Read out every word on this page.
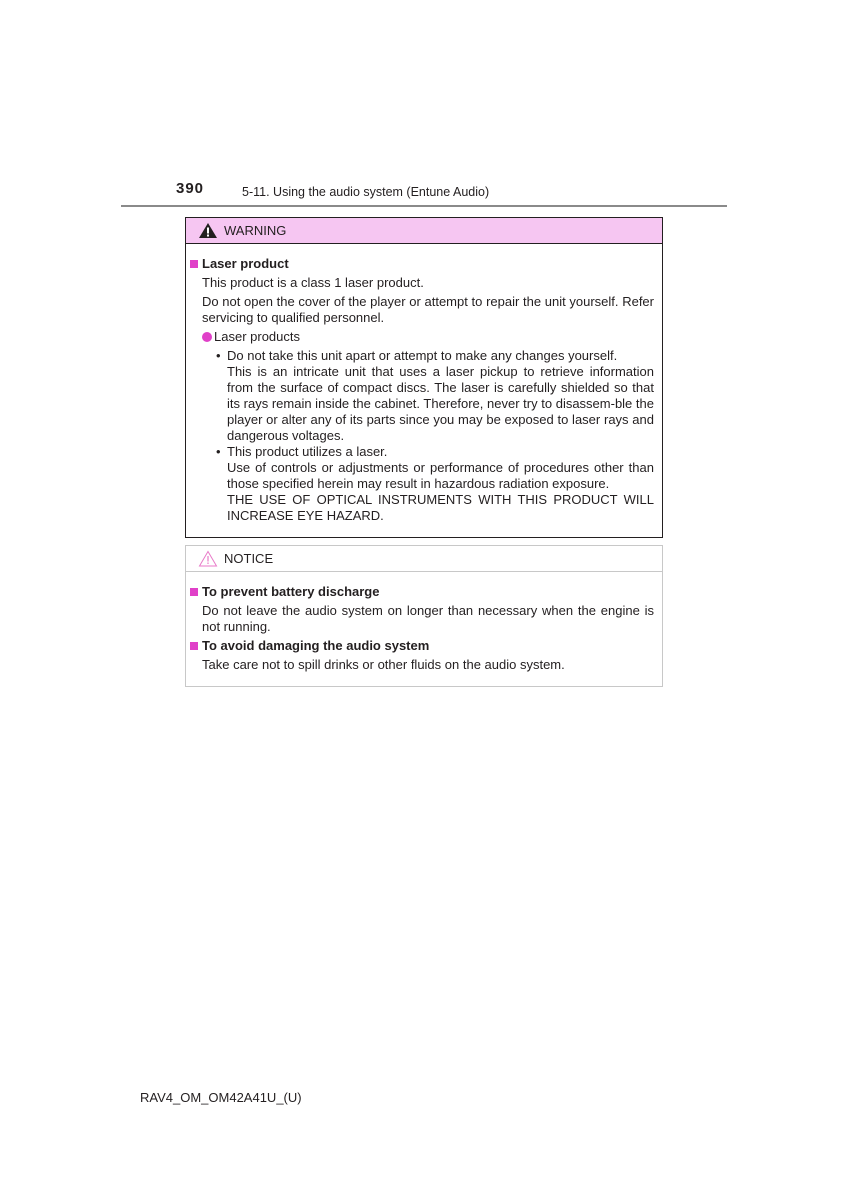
390	5-11. Using the audio system (Entune Audio)
WARNING
Laser product
This product is a class 1 laser product.
Do not open the cover of the player or attempt to repair the unit yourself. Refer servicing to qualified personnel.
Laser products
• Do not take this unit apart or attempt to make any changes yourself.
This is an intricate unit that uses a laser pickup to retrieve information from the surface of compact discs. The laser is carefully shielded so that its rays remain inside the cabinet. Therefore, never try to disassem-ble the player or alter any of its parts since you may be exposed to laser rays and dangerous voltages.
• This product utilizes a laser.
Use of controls or adjustments or performance of procedures other than those specified herein may result in hazardous radiation exposure.
THE USE OF OPTICAL INSTRUMENTS WITH THIS PRODUCT WILL INCREASE EYE HAZARD.
NOTICE
To prevent battery discharge
Do not leave the audio system on longer than necessary when the engine is not running.
To avoid damaging the audio system
Take care not to spill drinks or other fluids on the audio system.
RAV4_OM_OM42A41U_(U)
